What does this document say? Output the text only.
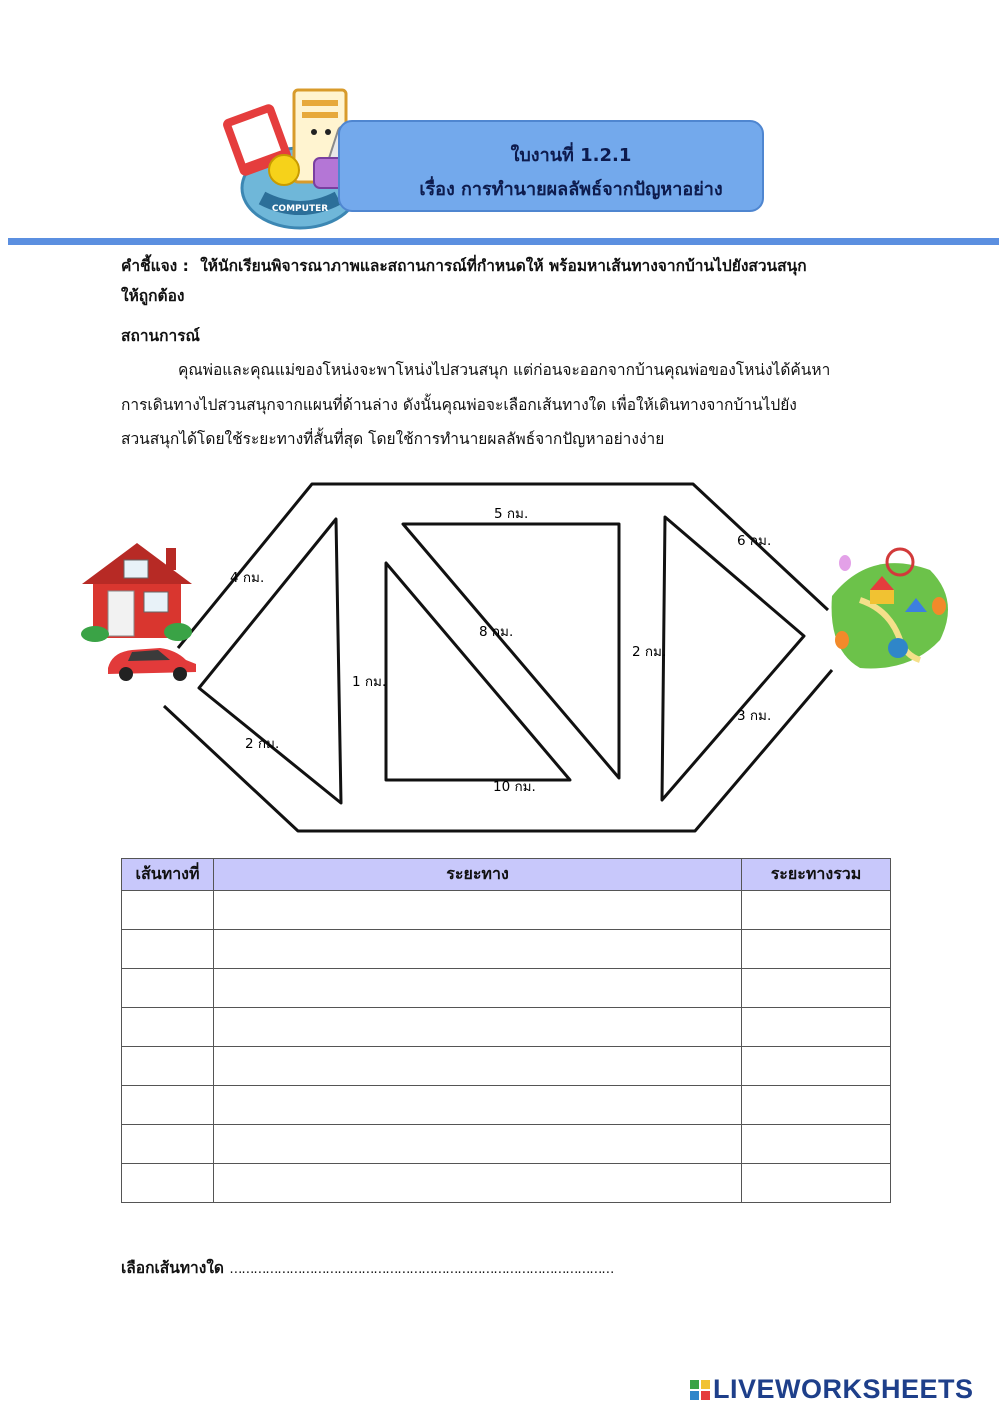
COMPUTER
ใบงานที่ 1.2.1
เรื่อง การทำนายผลลัพธ์จากปัญหาอย่าง
คำชี้แจง : ให้นักเรียนพิจารณาภาพและสถานการณ์ที่กำหนดให้ พร้อมหาเส้นทางจากบ้านไปยังสวนสนุก
ให้ถูกต้อง
สถานการณ์
คุณพ่อและคุณแม่ของโหน่งจะพาโหน่งไปสวนสนุก แต่ก่อนจะออกจากบ้านคุณพ่อของโหน่งได้ค้นหา
การเดินทางไปสวนสนุกจากแผนที่ด้านล่าง ดังนั้นคุณพ่อจะเลือกเส้นทางใด เพื่อให้เดินทางจากบ้านไปยัง
สวนสนุกได้โดยใช้ระยะทางที่สั้นที่สุด โดยใช้การทำนายผลลัพธ์จากปัญหาอย่างง่าย
5 กม.
4 กม.
2 กม.
1 กม.
8 กม.
10 กม.
2 กม.
6 กม.
3 กม.
เส้นทางที่	ระยะทาง	ระยะทางรวม

เลือกเส้นทางใด ……………………………………………………………………………………
LIVEWORKSHEETS
